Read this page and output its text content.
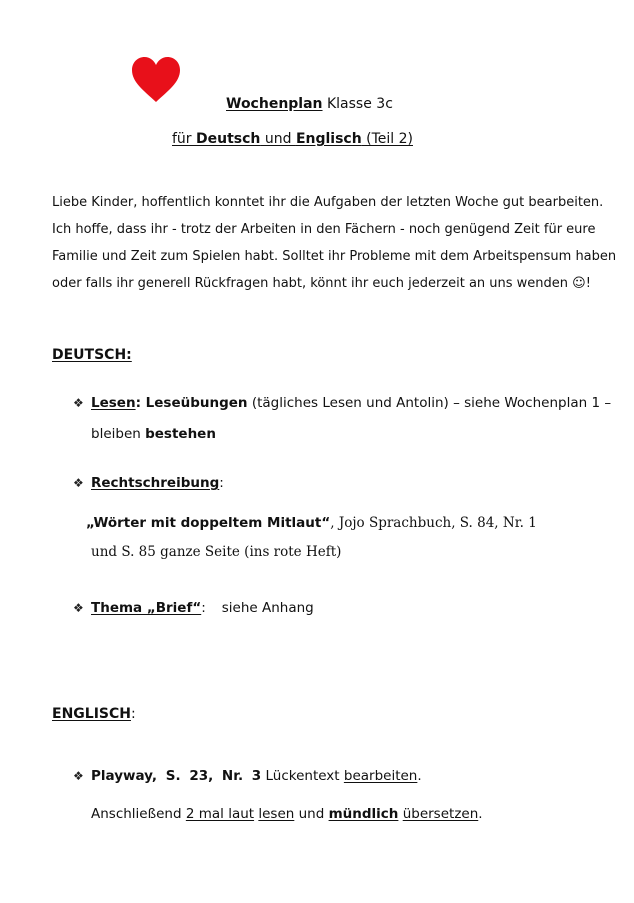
Wochenplan Klasse 3c
für Deutsch und Englisch (Teil 2)
Liebe Kinder, hoffentlich konntet ihr die Aufgaben der letzten Woche gut bearbeiten.
Ich hoffe, dass ihr - trotz der Arbeiten in den Fächern - noch genügend Zeit für eure
Familie und Zeit zum Spielen habt. Solltet ihr Probleme mit dem Arbeitspensum haben
oder falls ihr generell Rückfragen habt, könnt ihr euch jederzeit an uns wenden ☺!
DEUTSCH:
❖ Lesen: Leseübungen (tägliches Lesen und Antolin) – siehe Wochenplan 1 –
bleiben bestehen
❖ Rechtschreibung:
„Wörter mit doppeltem Mitlaut“, Jojo Sprachbuch, S. 84, Nr. 1
und S. 85 ganze Seite (ins rote Heft)
❖ Thema „Brief“: siehe Anhang
ENGLISCH:
❖ Playway, S. 23, Nr. 3 Lückentext bearbeiten.
Anschließend 2 mal laut lesen und mündlich übersetzen.
